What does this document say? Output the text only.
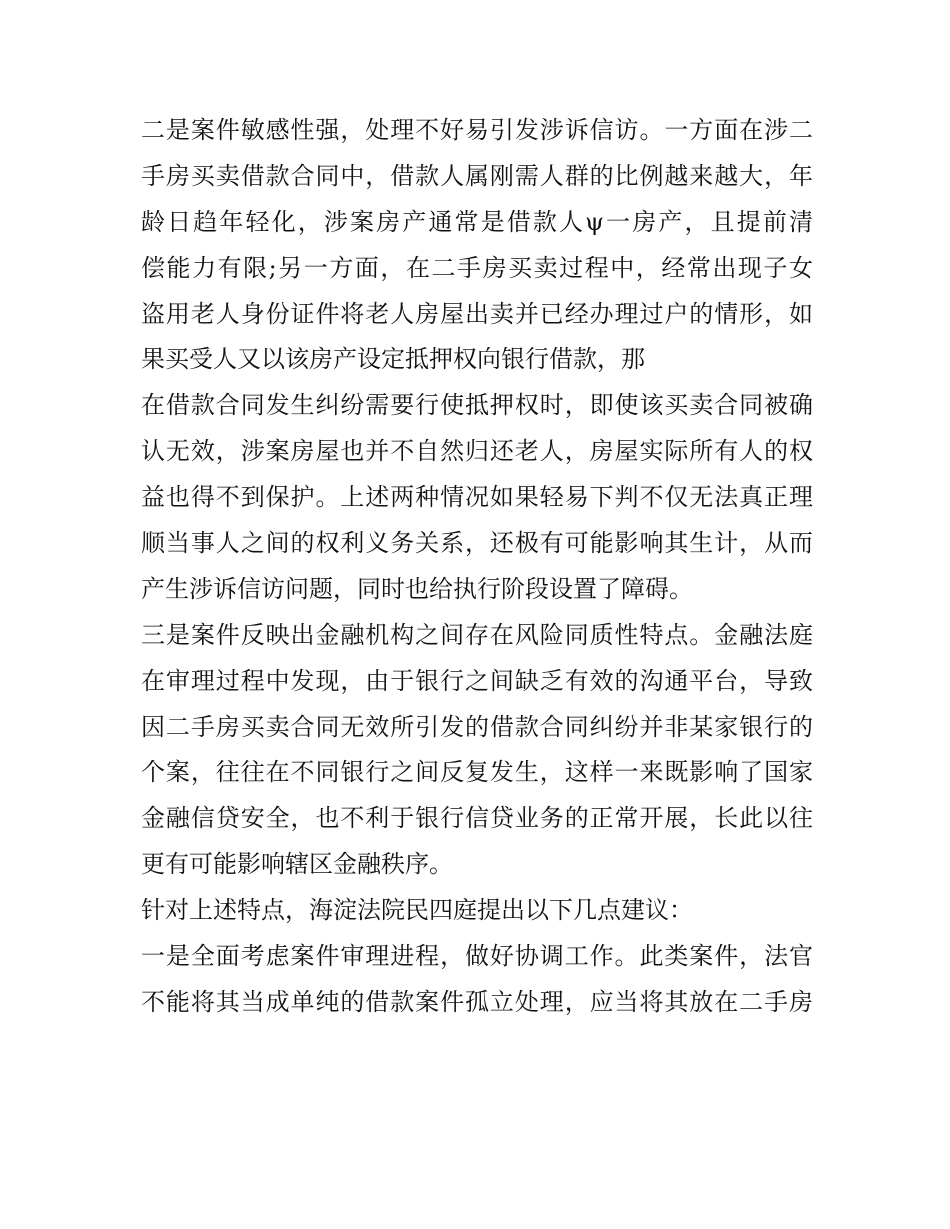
二是案件敏感性强，处理不好易引发涉诉信访。一方面在涉二
手房买卖借款合同中，借款人属刚需人群的比例越来越大，年
龄日趋年轻化，涉案房产通常是借款人ψ一房产，且提前清
偿能力有限;另一方面，在二手房买卖过程中，经常出现子女
盗用老人身份证件将老人房屋出卖并已经办理过户的情形，如
果买受人又以该房产设定抵押权向银行借款，那
在借款合同发生纠纷需要行使抵押权时，即使该买卖合同被确
认无效，涉案房屋也并不自然归还老人，房屋实际所有人的权
益也得不到保护。上述两种情况如果轻易下判不仅无法真正理
顺当事人之间的权利义务关系，还极有可能影响其生计，从而
产生涉诉信访问题，同时也给执行阶段设置了障碍。
三是案件反映出金融机构之间存在风险同质性特点。金融法庭
在审理过程中发现，由于银行之间缺乏有效的沟通平台，导致
因二手房买卖合同无效所引发的借款合同纠纷并非某家银行的
个案，往往在不同银行之间反复发生，这样一来既影响了国家
金融信贷安全，也不利于银行信贷业务的正常开展，长此以往
更有可能影响辖区金融秩序。
针对上述特点，海淀法院民四庭提出以下几点建议：
一是全面考虑案件审理进程，做好协调工作。此类案件，法官
不能将其当成单纯的借款案件孤立处理，应当将其放在二手房
